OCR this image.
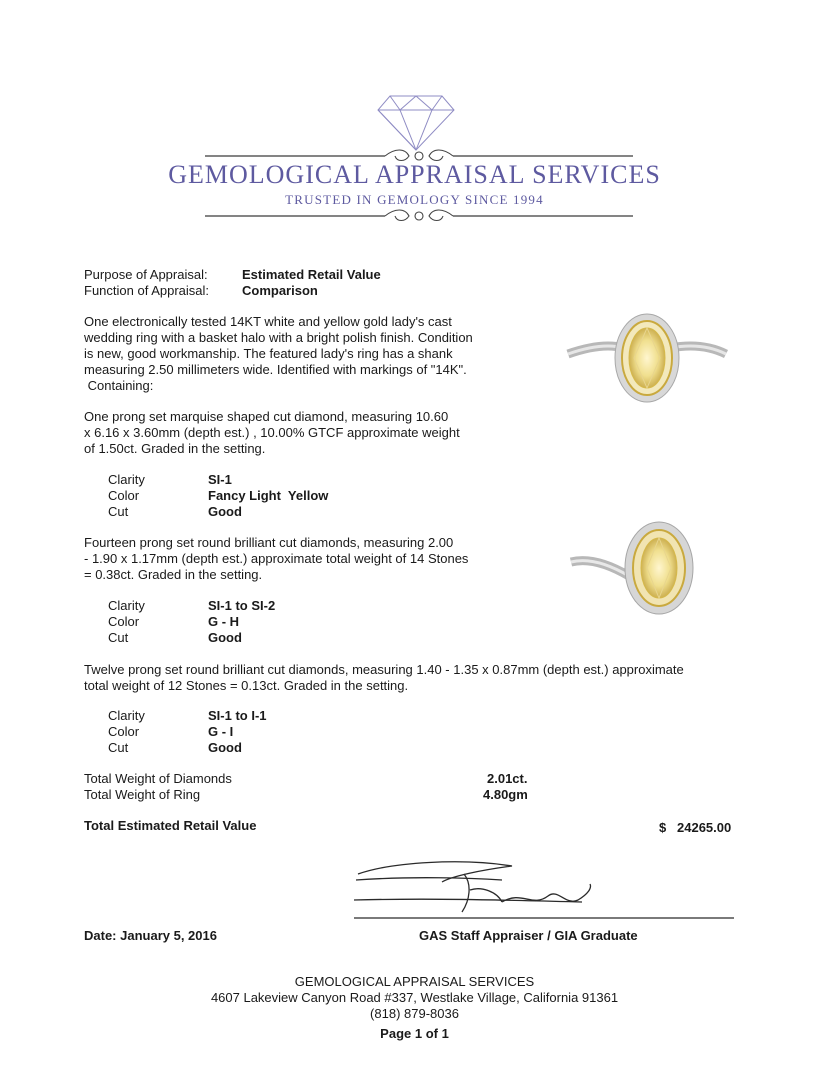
GEMOLOGICAL APPRAISAL SERVICES
TRUSTED IN GEMOLOGY SINCE 1994
Purpose of Appraisal:	Estimated Retail Value
Function of Appraisal:	Comparison
One electronically tested 14KT white and yellow gold lady's cast
wedding ring with a basket halo with a bright polish finish. Condition
is new, good workmanship. The featured lady's ring has a shank
measuring 2.50 millimeters wide. Identified with markings of "14K".
Containing:
One prong set marquise shaped cut diamond, measuring 10.60
x 6.16 x 3.60mm (depth est.) , 10.00% GTCF approximate weight
of 1.50ct. Graded in the setting.
Clarity	SI-1
Color	Fancy Light  Yellow
Cut	Good
Fourteen prong set round brilliant cut diamonds, measuring 2.00
- 1.90 x 1.17mm (depth est.) approximate total weight of 14 Stones
= 0.38ct. Graded in the setting.
Clarity	SI-1 to SI-2
Color	G - H
Cut	Good
Twelve prong set round brilliant cut diamonds, measuring 1.40 - 1.35 x 0.87mm (depth est.) approximate
total weight of 12 Stones = 0.13ct. Graded in the setting.
Clarity	SI-1 to I-1
Color	G - I
Cut	Good
Total Weight of Diamonds	2.01ct.
Total Weight of Ring	4.80gm
Total Estimated Retail Value	$ 24265.00
Date: January 5, 2016	GAS Staff Appraiser / GIA Graduate
GEMOLOGICAL APPRAISAL SERVICES
4607 Lakeview Canyon Road #337, Westlake Village, California 91361
(818) 879-8036
Page 1 of 1
